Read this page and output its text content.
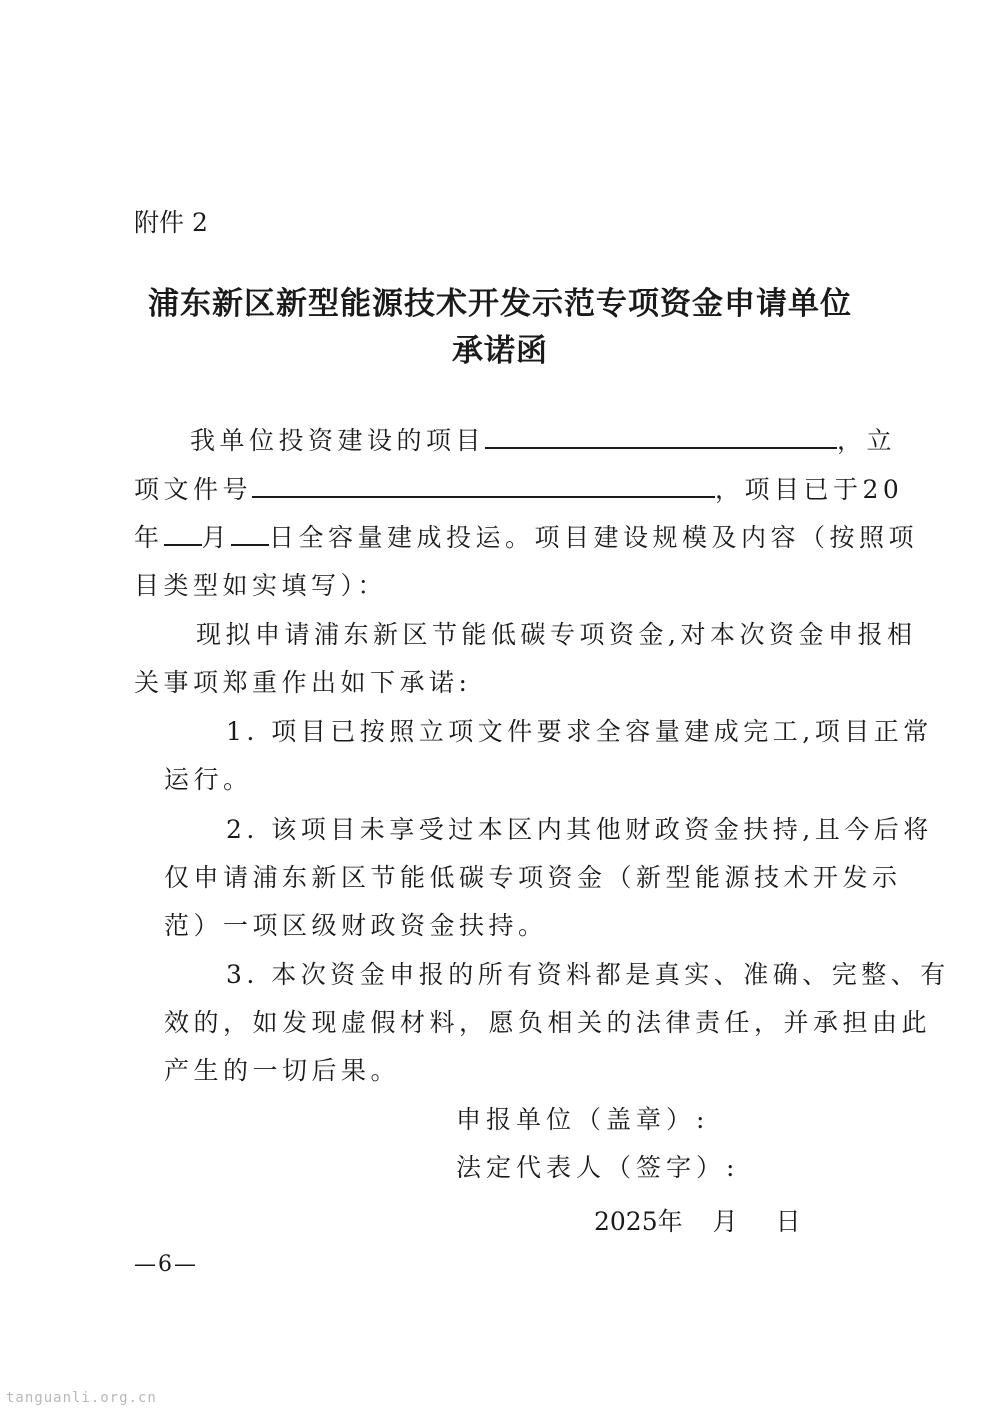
附件 2
浦东新区新型能源技术开发示范专项资金申请单位
承诺函
我单位投资建设的项目	，立
项文件号	，项目已于20
年 月 日全容量建成投运。项目建设规模及内容（按照项
目类型如实填写）：
现拟申请浦东新区节能低碳专项资金,对本次资金申报相
关事项郑重作出如下承诺:
1. 项目已按照立项文件要求全容量建成完工,项目正常
运行。
2. 该项目未享受过本区内其他财政资金扶持,且今后将
仅申请浦东新区节能低碳专项资金（新型能源技术开发示
范）一项区级财政资金扶持。
3. 本次资金申报的所有资料都是真实、准确、完整、有
效的，如发现虚假材料，愿负相关的法律责任，并承担由此
产生的一切后果。
申报单位（盖章）:
法定代表人（签字）:
2025年 月 日
—6—
tanguanli.org.cn
